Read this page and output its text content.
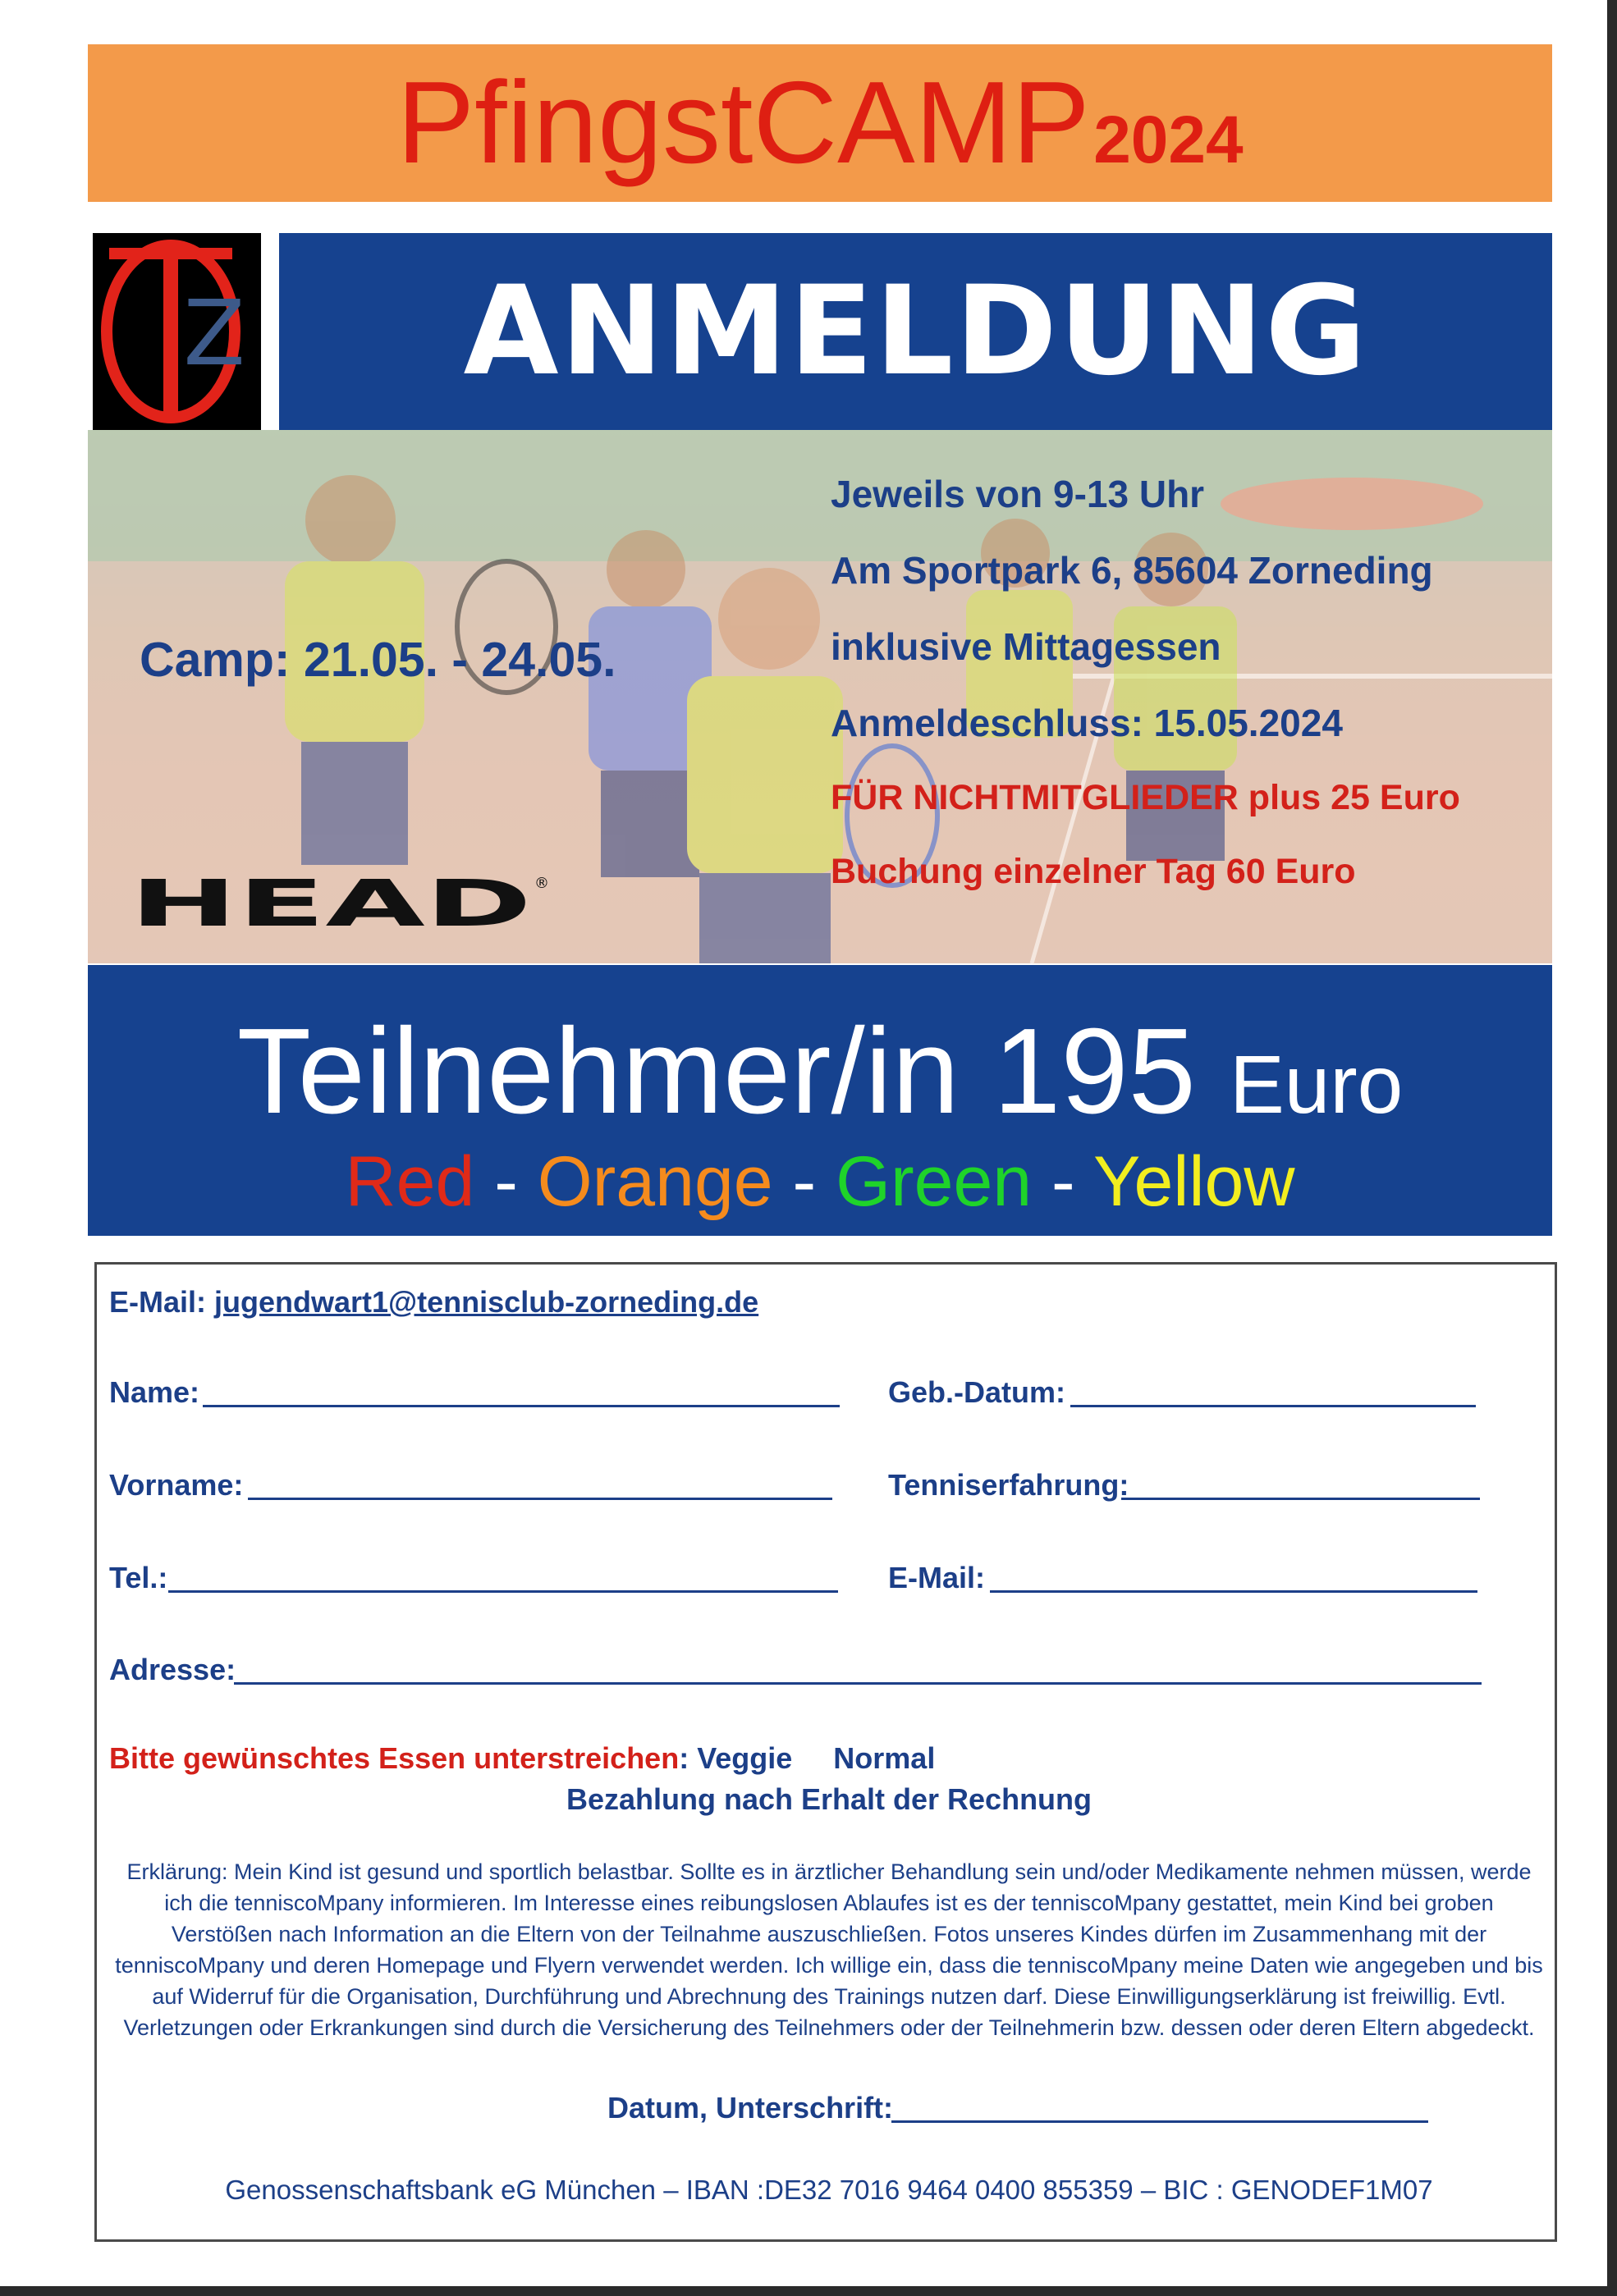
PfingstCAMP 2024
Z	ANMELDUNG
Camp: 21.05. - 24.05.
Jeweils von 9-13 Uhr
Am Sportpark 6, 85604 Zorneding
inklusive Mittagessen
Anmeldeschluss: 15.05.2024
FÜR NICHTMITGLIEDER plus 25 Euro
Buchung einzelner Tag 60 Euro
HEAD ®
Teilnehmer/in 195 Euro
Red - Orange - Green - Yellow
E-Mail: jugendwart1@tennisclub-zorneding.de
Name:	Geb.-Datum:
Vorname:	Tenniserfahrung:
Tel.:	E-Mail:
Adresse:
Bitte gewünschtes Essen unterstreichen: Veggie Normal
Bezahlung nach Erhalt der Rechnung
Erklärung: Mein Kind ist gesund und sportlich belastbar. Sollte es in ärztlicher Behandlung sein und/oder Medikamente nehmen müssen, werde
ich die tenniscoMpany informieren. Im Interesse eines reibungslosen Ablaufes ist es der tenniscoMpany gestattet, mein Kind bei groben
Verstößen nach Information an die Eltern von der Teilnahme auszuschließen. Fotos unseres Kindes dürfen im Zusammenhang mit der
tenniscoMpany und deren Homepage und Flyern verwendet werden. Ich willige ein, dass die tenniscoMpany meine Daten wie angegeben und bis
auf Widerruf für die Organisation, Durchführung und Abrechnung des Trainings nutzen darf. Diese Einwilligungserklärung ist freiwillig. Evtl.
Verletzungen oder Erkrankungen sind durch die Versicherung des Teilnehmers oder der Teilnehmerin bzw. dessen oder deren Eltern abgedeckt.
Datum, Unterschrift:
Genossenschaftsbank eG München – IBAN :DE32 7016 9464 0400 855359 – BIC : GENODEF1M07
